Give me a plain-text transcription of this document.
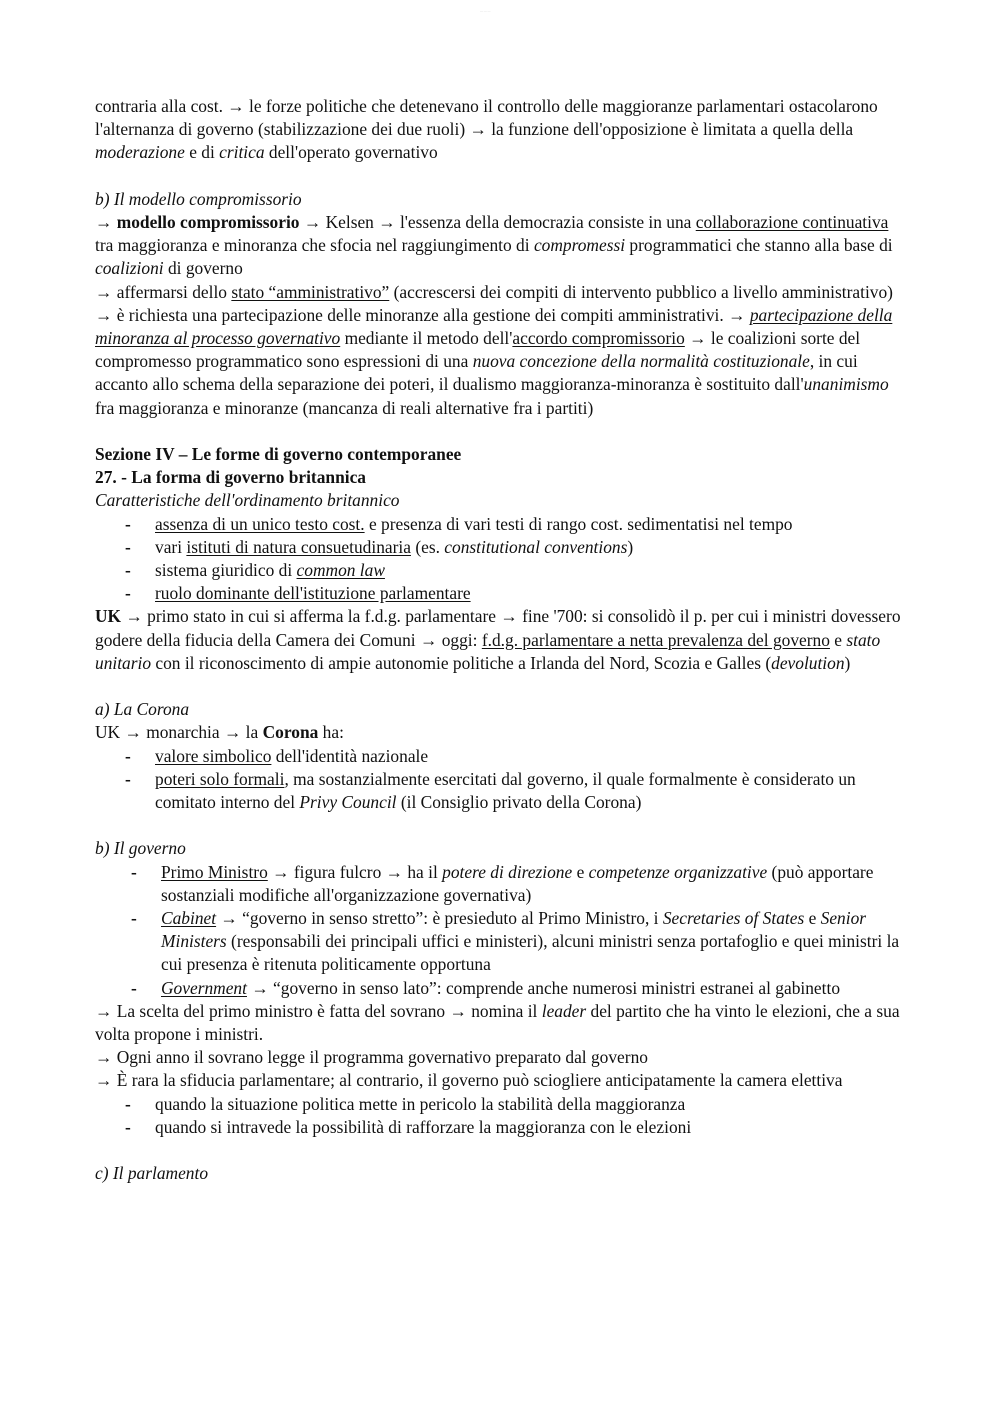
— — —

contraria alla cost. → le forze politiche che detenevano il controllo delle maggioranze parlamentari ostacolarono l'alternanza di governo (stabilizzazione dei due ruoli) → la funzione dell'opposizione è limitata a quella della moderazione e di critica dell'operato governativo

b) Il modello compromissorio

→ modello compromissorio → Kelsen → l'essenza della democrazia consiste in una collaborazione continuativa tra maggioranza e minoranza che sfocia nel raggiungimento di compromessi programmatici che stanno alla base di coalizioni di governo

→ affermarsi dello stato “amministrativo” (accrescersi dei compiti di intervento pubblico a livello amministrativo) → è richiesta una partecipazione delle minoranze alla gestione dei compiti amministrativi. → partecipazione della minoranza al processo governativo mediante il metodo dell'accordo compromissorio → le coalizioni sorte del compromesso programmatico sono espressioni di una nuova concezione della normalità costituzionale, in cui accanto allo schema della separazione dei poteri, il dualismo maggioranza-minoranza è sostituito dall'unanimismo fra maggioranza e minoranze (mancanza di reali alternative fra i partiti)

Sezione IV – Le forme di governo contemporanee

27. - La forma di governo britannica

Caratteristiche dell'ordinamento britannico

- assenza di un unico testo cost. e presenza di vari testi di rango cost. sedimentatisi nel tempo
- vari istituti di natura consuetudinaria (es. constitutional conventions)
- sistema giuridico di common law
- ruolo dominante dell'istituzione parlamentare

UK → primo stato in cui si afferma la f.d.g. parlamentare → fine '700: si consolidò il p. per cui i ministri dovessero godere della fiducia della Camera dei Comuni → oggi: f.d.g. parlamentare a netta prevalenza del governo e stato unitario con il riconoscimento di ampie autonomie politiche a Irlanda del Nord, Scozia e Galles (devolution)

a) La Corona

UK → monarchia → la Corona ha:

- valore simbolico dell'identità nazionale
- poteri solo formali, ma sostanzialmente esercitati dal governo, il quale formalmente è considerato un comitato interno del Privy Council (il Consiglio privato della Corona)

b) Il governo

- Primo Ministro → figura fulcro → ha il potere di direzione e competenze organizzative (può apportare sostanziali modifiche all'organizzazione governativa)
- Cabinet → “governo in senso stretto”: è presieduto al Primo Ministro, i Secretaries of States e Senior Ministers (responsabili dei principali uffici e ministeri), alcuni ministri senza portafoglio e quei ministri la cui presenza è ritenuta politicamente opportuna
- Government → “governo in senso lato”: comprende anche numerosi ministri estranei al gabinetto

→ La scelta del primo ministro è fatta del sovrano → nomina il leader del partito che ha vinto le elezioni, che a sua volta propone i ministri.

→ Ogni anno il sovrano legge il programma governativo preparato dal governo

→ È rara la sfiducia parlamentare; al contrario, il governo può sciogliere anticipatamente la camera elettiva

- quando la situazione politica mette in pericolo la stabilità della maggioranza
- quando si intravede la possibilità di rafforzare la maggioranza con le elezioni

c) Il parlamento
